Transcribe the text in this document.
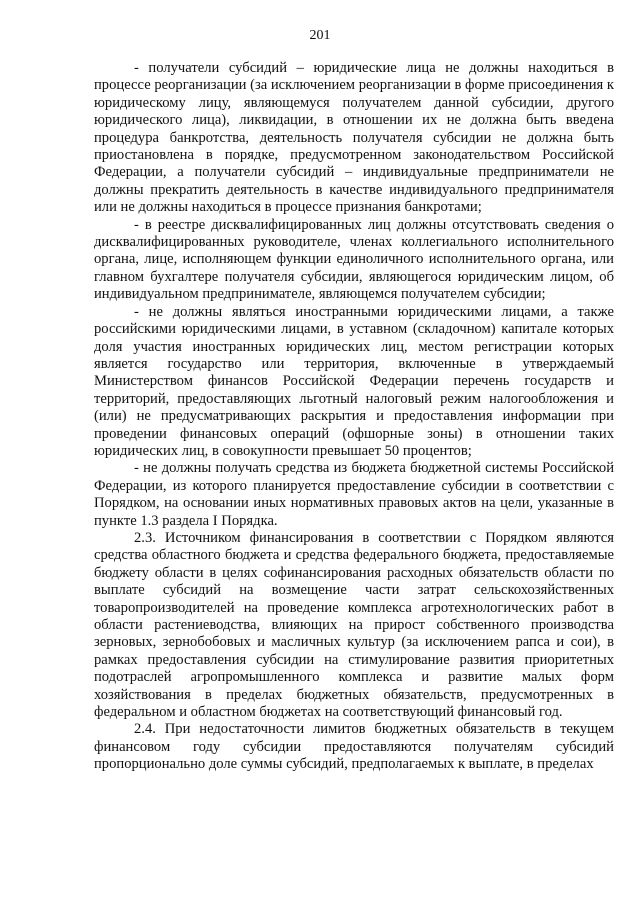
201

- получатели субсидий – юридические лица не должны находиться в процессе реорганизации (за исключением реорганизации в форме присоединения к юридическому лицу, являющемуся получателем данной субсидии, другого юридического лица), ликвидации, в отношении их не должна быть введена процедура банкротства, деятельность получателя субсидии не должна быть приостановлена в порядке, предусмотренном законодательством Российской Федерации, а получатели субсидий – индивидуальные предприниматели не должны прекратить деятельность в качестве индивидуального предпринимателя или не должны находиться в процессе признания банкротами;

- в реестре дисквалифицированных лиц должны отсутствовать сведения о дисквалифицированных руководителе, членах коллегиального исполнительного органа, лице, исполняющем функции единоличного исполнительного органа, или главном бухгалтере получателя субсидии, являющегося юридическим лицом, об индивидуальном предпринимателе, являющемся получателем субсидии;

- не должны являться иностранными юридическими лицами, а также российскими юридическими лицами, в уставном (складочном) капитале которых доля участия иностранных юридических лиц, местом регистрации которых является государство или территория, включенные в утверждаемый Министерством финансов Российской Федерации перечень государств и территорий, предоставляющих льготный налоговый режим налогообложения и (или) не предусматривающих раскрытия и предоставления информации при проведении финансовых операций (офшорные зоны) в отношении таких юридических лиц, в совокупности превышает 50 процентов;

- не должны получать средства из бюджета бюджетной системы Российской Федерации, из которого планируется предоставление субсидии в соответствии с Порядком, на основании иных нормативных правовых актов на цели, указанные в пункте 1.3 раздела I Порядка.

2.3. Источником финансирования в соответствии с Порядком являются средства областного бюджета и средства федерального бюджета, предоставляемые бюджету области в целях софинансирования расходных обязательств области по выплате субсидий на возмещение части затрат сельскохозяйственных товаропроизводителей на проведение комплекса агротехнологических работ в области растениеводства, влияющих на прирост собственного производства зерновых, зернобобовых и масличных культур (за исключением рапса и сои), в рамках предоставления субсидии на стимулирование развития приоритетных подотраслей агропромышленного комплекса и развитие малых форм хозяйствования в пределах бюджетных обязательств, предусмотренных в федеральном и областном бюджетах на соответствующий финансовый год.

2.4. При недостаточности лимитов бюджетных обязательств в текущем финансовом году субсидии предоставляются получателям субсидий пропорционально доле суммы субсидий, предполагаемых к выплате, в пределах
